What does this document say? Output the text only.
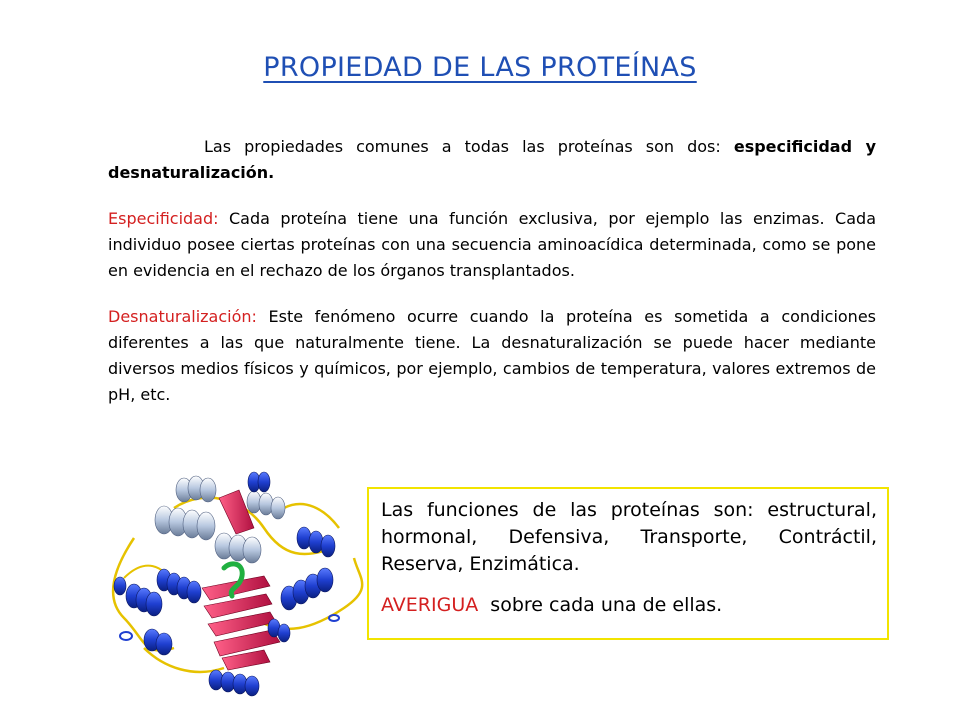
PROPIEDAD DE LAS PROTEÍNAS

Las propiedades comunes a todas las proteínas son dos: especificidad y desnaturalización.

Especificidad: Cada proteína tiene una función exclusiva, por ejemplo las enzimas. Cada individuo posee ciertas proteínas con una secuencia aminoacídica determinada, como se pone en evidencia en el rechazo de los órganos transplantados.

Desnaturalización: Este fenómeno ocurre cuando la proteína es sometida a condiciones diferentes a las que naturalmente tiene. La desnaturalización se puede hacer mediante diversos medios físicos y químicos, por ejemplo, cambios de temperatura, valores extremos de pH, etc.

Las funciones de las proteínas son: estructural, hormonal, Defensiva, Transporte, Contráctil, Reserva, Enzimática.

AVERIGUA  sobre cada una de ellas.
